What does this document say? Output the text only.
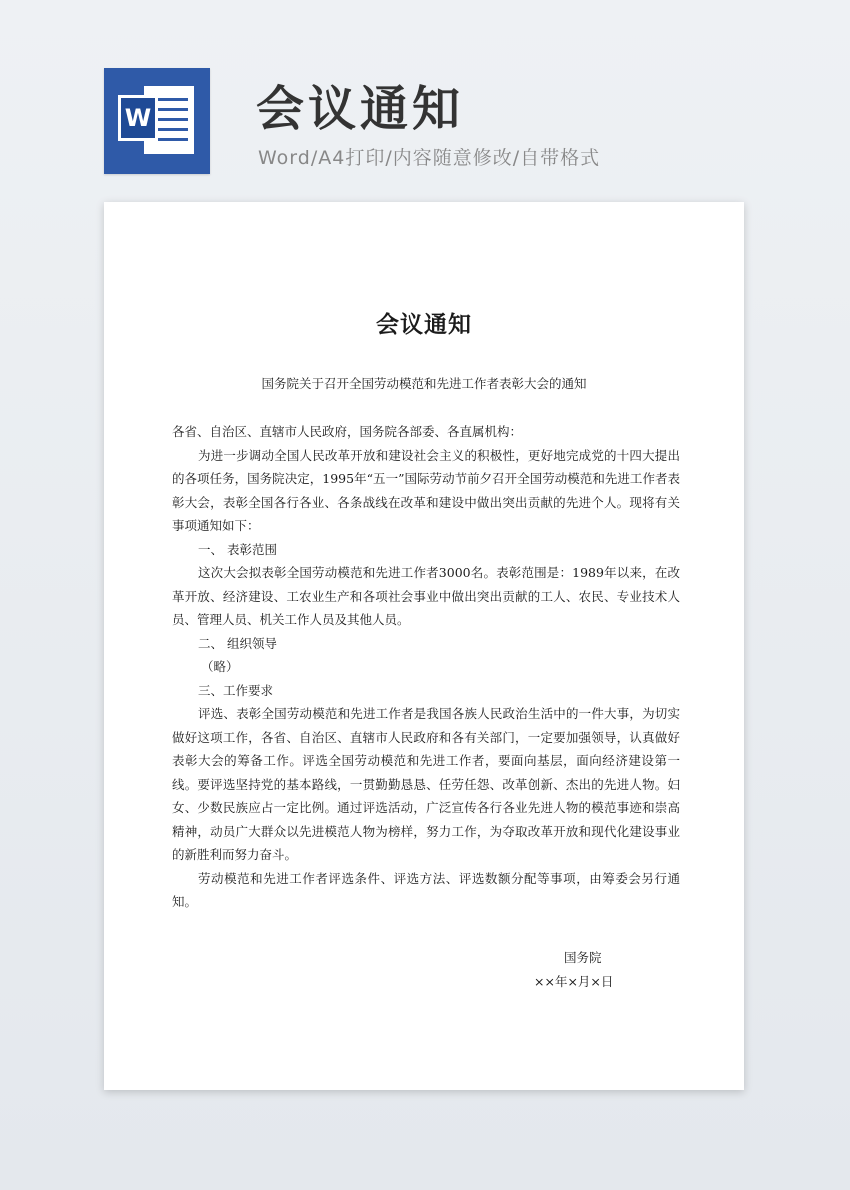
W 会议通知
Word/A4打印/内容随意修改/自带格式
会议通知
国务院关于召开全国劳动模范和先进工作者表彰大会的通知

各省、自治区、直辖市人民政府，国务院各部委、各直属机构：

为进一步调动全国人民改革开放和建设社会主义的积极性，更好地完成党的十四大提出的各项任务，国务院决定，1995年“五一”国际劳动节前夕召开全国劳动模范和先进工作者表彰大会，表彰全国各行各业、各条战线在改革和建设中做出突出贡献的先进个人。现将有关事项通知如下：

一、 表彰范围

这次大会拟表彰全国劳动模范和先进工作者3000名。表彰范围是：1989年以来，在改革开放、经济建设、工农业生产和各项社会事业中做出突出贡献的工人、农民、专业技术人员、管理人员、机关工作人员及其他人员。

二、 组织领导

（略）

三、工作要求

评选、表彰全国劳动模范和先进工作者是我国各族人民政治生活中的一件大事，为切实做好这项工作，各省、自治区、直辖市人民政府和各有关部门，一定要加强领导，认真做好表彰大会的筹备工作。评选全国劳动模范和先进工作者，要面向基层，面向经济建设第一线。要评选坚持党的基本路线，一贯勤勤恳恳、任劳任怨、改革创新、杰出的先进人物。妇女、少数民族应占一定比例。通过评选活动，广泛宣传各行各业先进人物的模范事迹和崇高精神，动员广大群众以先进模范人物为榜样，努力工作，为夺取改革开放和现代化建设事业的新胜利而努力奋斗。

劳动模范和先进工作者评选条件、评选方法、评选数额分配等事项，由筹委会另行通知。

国务院
××年×月×日
